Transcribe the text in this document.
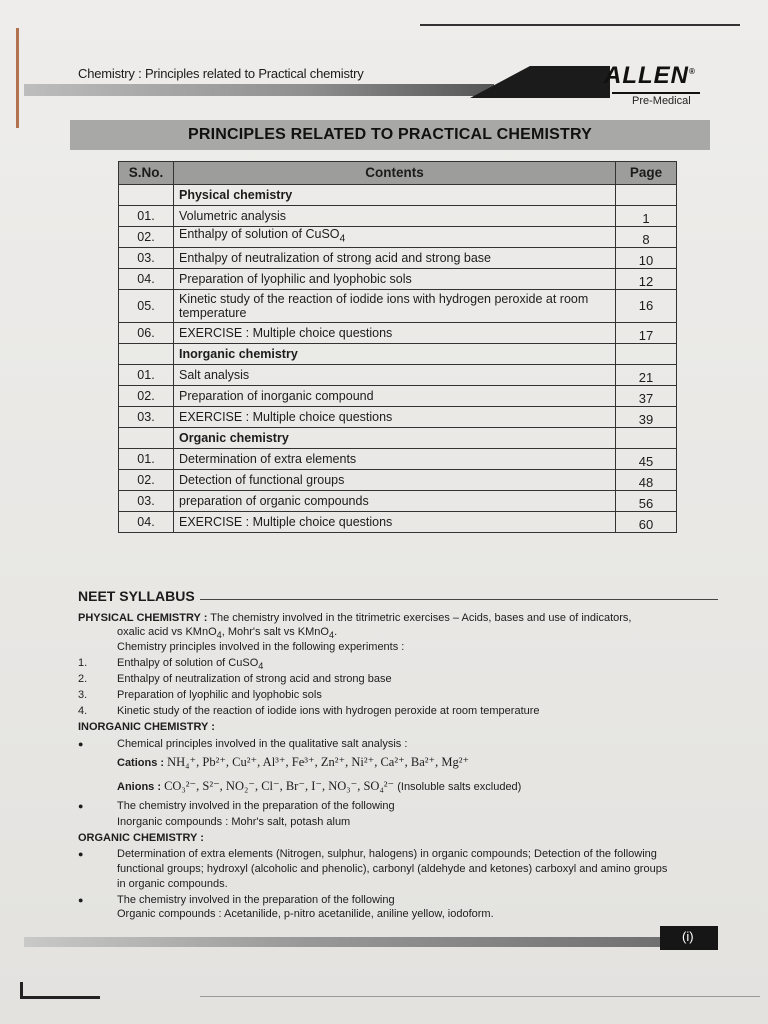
Chemistry : Principles related to Practical chemistry	ALLEN®
Pre-Medical
PRINCIPLES RELATED TO PRACTICAL CHEMISTRY
S.No.	Contents	Page
	Physical chemistry	
01.	Volumetric analysis	1
02.	Enthalpy of solution of CuSO$_4$	8
03.	Enthalpy of neutralization of strong acid and strong base	10
04.	Preparation of lyophilic and lyophobic sols	12
05.	Kinetic study of the reaction of iodide ions with hydrogen peroxide at room temperature	16
06.	EXERCISE : Multiple choice questions	17
	Inorganic chemistry	
01.	Salt analysis	21
02.	Preparation of inorganic compound	37
03.	EXERCISE : Multiple choice questions	39
	Organic chemistry	
01.	Determination of extra elements	45
02.	Detection of functional groups	48
03.	preparation of organic compounds	56
04.	EXERCISE : Multiple choice questions	60
NEET SYLLABUS
PHYSICAL CHEMISTRY : The chemistry involved in the titrimetric exercises – Acids, bases and use of indicators,
oxalic acid vs KMnO$_4$, Mohr's salt vs KMnO$_4$.
Chemistry principles involved in the following experiments :
1.	Enthalpy of solution of CuSO$_4$
2.	Enthalpy of neutralization of strong acid and strong base
3.	Preparation of lyophilic and lyophobic sols
4.	Kinetic study of the reaction of iodide ions with hydrogen peroxide at room temperature
INORGANIC CHEMISTRY :
●	Chemical principles involved in the qualitative salt analysis :
Cations : NH₄⁺, Pb²⁺, Cu²⁺, Al³⁺, Fe³⁺, Zn²⁺, Ni²⁺, Ca²⁺, Ba²⁺, Mg²⁺
Anions : CO₃²⁻, S²⁻, NO₂⁻, Cl⁻, Br⁻, I⁻, NO₃⁻, SO₄²⁻ (Insoluble salts excluded)
●	The chemistry involved in the preparation of the following
Inorganic compounds : Mohr's salt, potash alum
ORGANIC CHEMISTRY :
●	Determination of extra elements (Nitrogen, sulphur, halogens) in organic compounds; Detection of the following
functional groups; hydroxyl (alcoholic and phenolic), carbonyl (aldehyde and ketones) carboxyl and amino groups
in organic compounds.
●	The chemistry involved in the preparation of the following
Organic compounds : Acetanilide, p-nitro acetanilide, aniline yellow, iodoform.
(i)
